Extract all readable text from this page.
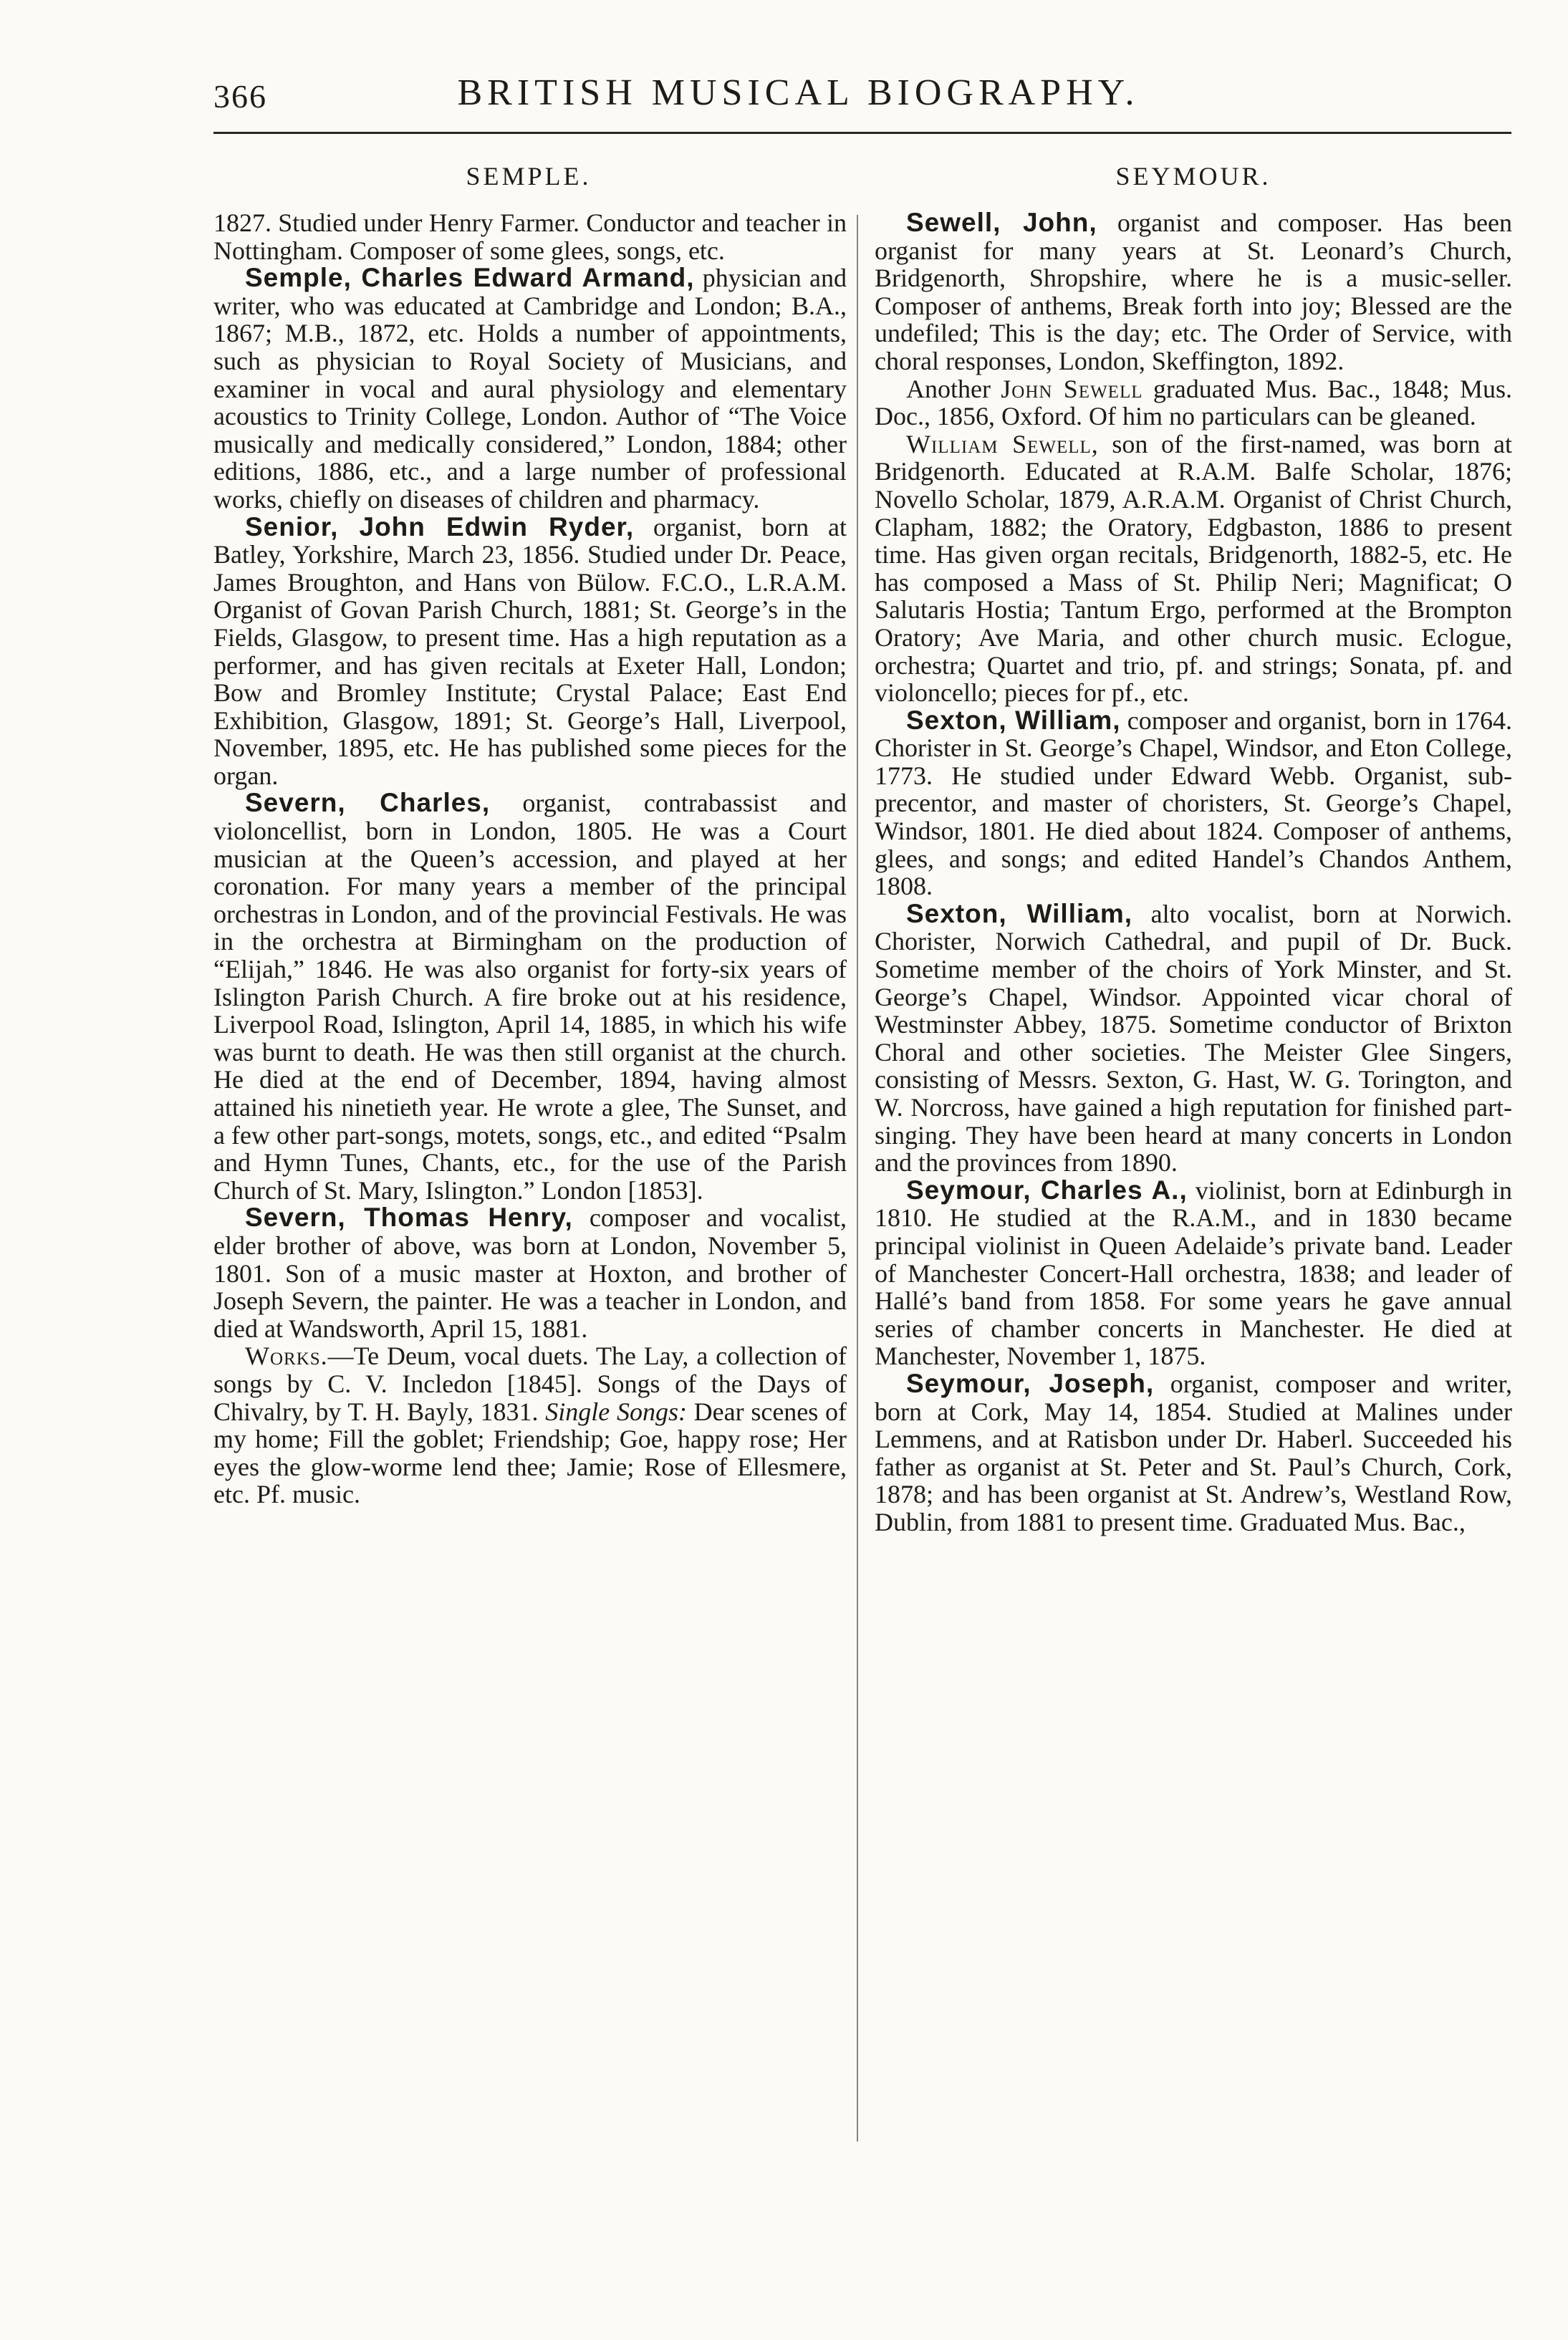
366	BRITISH MUSICAL BIOGRAPHY.
SEMPLE.	SEYMOUR.

1827. Studied under Henry Farmer. Conductor and teacher in Nottingham. Composer of some glees, songs, etc.

Semple, Charles Edward Armand, physician and writer, who was educated at Cambridge and London; B.A., 1867; M.B., 1872, etc. Holds a number of appointments, such as physician to Royal Society of Musicians, and examiner in vocal and aural physiology and elementary acoustics to Trinity College, London. Author of “The Voice musically and medically considered,” London, 1884; other editions, 1886, etc., and a large number of professional works, chiefly on diseases of children and pharmacy.

Senior, John Edwin Ryder, organist, born at Batley, Yorkshire, March 23, 1856. Studied under Dr. Peace, James Broughton, and Hans von Bülow. F.C.O., L.R.A.M. Organist of Govan Parish Church, 1881; St. George’s in the Fields, Glasgow, to present time. Has a high reputation as a performer, and has given recitals at Exeter Hall, London; Bow and Bromley Institute; Crystal Palace; East End Exhibition, Glasgow, 1891; St. George’s Hall, Liverpool, November, 1895, etc. He has published some pieces for the organ.

Severn, Charles, organist, contrabassist and violoncellist, born in London, 1805. He was a Court musician at the Queen’s accession, and played at her coronation. For many years a member of the principal orchestras in London, and of the provincial Festivals. He was in the orchestra at Birmingham on the production of “Elijah,” 1846. He was also organist for forty-six years of Islington Parish Church. A fire broke out at his residence, Liverpool Road, Islington, April 14, 1885, in which his wife was burnt to death. He was then still organist at the church. He died at the end of December, 1894, having almost attained his ninetieth year. He wrote a glee, The Sunset, and a few other part-songs, motets, songs, etc., and edited “Psalm and Hymn Tunes, Chants, etc., for the use of the Parish Church of St. Mary, Islington.” London [1853].

Severn, Thomas Henry, composer and vocalist, elder brother of above, was born at London, November 5, 1801. Son of a music master at Hoxton, and brother of Joseph Severn, the painter. He was a teacher in London, and died at Wandsworth, April 15, 1881.

Works.—Te Deum, vocal duets. The Lay, a collection of songs by C. V. Incledon [1845]. Songs of the Days of Chivalry, by T. H. Bayly, 1831. Single Songs: Dear scenes of my home; Fill the goblet; Friendship; Goe, happy rose; Her eyes the glow-worme lend thee; Jamie; Rose of Ellesmere, etc. Pf. music.

Sewell, John, organist and composer. Has been organist for many years at St. Leonard’s Church, Bridgenorth, Shropshire, where he is a music-seller. Composer of anthems, Break forth into joy; Blessed are the undefiled; This is the day; etc. The Order of Service, with choral responses, London, Skeffington, 1892.

Another John Sewell graduated Mus. Bac., 1848; Mus. Doc., 1856, Oxford. Of him no particulars can be gleaned.

William Sewell, son of the first-named, was born at Bridgenorth. Educated at R.A.M. Balfe Scholar, 1876; Novello Scholar, 1879, A.R.A.M. Organist of Christ Church, Clapham, 1882; the Oratory, Edgbaston, 1886 to present time. Has given organ recitals, Bridgenorth, 1882-5, etc. He has composed a Mass of St. Philip Neri; Magnificat; O Salutaris Hostia; Tantum Ergo, performed at the Brompton Oratory; Ave Maria, and other church music. Eclogue, orchestra; Quartet and trio, pf. and strings; Sonata, pf. and violoncello; pieces for pf., etc.

Sexton, William, composer and organist, born in 1764. Chorister in St. George’s Chapel, Windsor, and Eton College, 1773. He studied under Edward Webb. Organist, sub-precentor, and master of choristers, St. George’s Chapel, Windsor, 1801. He died about 1824. Composer of anthems, glees, and songs; and edited Handel’s Chandos Anthem, 1808.

Sexton, William, alto vocalist, born at Norwich. Chorister, Norwich Cathedral, and pupil of Dr. Buck. Sometime member of the choirs of York Minster, and St. George’s Chapel, Windsor. Appointed vicar choral of Westminster Abbey, 1875. Sometime conductor of Brixton Choral and other societies. The Meister Glee Singers, consisting of Messrs. Sexton, G. Hast, W. G. Torington, and W. Norcross, have gained a high reputation for finished part-singing. They have been heard at many concerts in London and the provinces from 1890.

Seymour, Charles A., violinist, born at Edinburgh in 1810. He studied at the R.A.M., and in 1830 became principal violinist in Queen Adelaide’s private band. Leader of Manchester Concert-Hall orchestra, 1838; and leader of Hallé’s band from 1858. For some years he gave annual series of chamber concerts in Manchester. He died at Manchester, November 1, 1875.

Seymour, Joseph, organist, composer and writer, born at Cork, May 14, 1854. Studied at Malines under Lemmens, and at Ratisbon under Dr. Haberl. Succeeded his father as organist at St. Peter and St. Paul’s Church, Cork, 1878; and has been organist at St. Andrew’s, Westland Row, Dublin, from 1881 to present time. Graduated Mus. Bac.,
